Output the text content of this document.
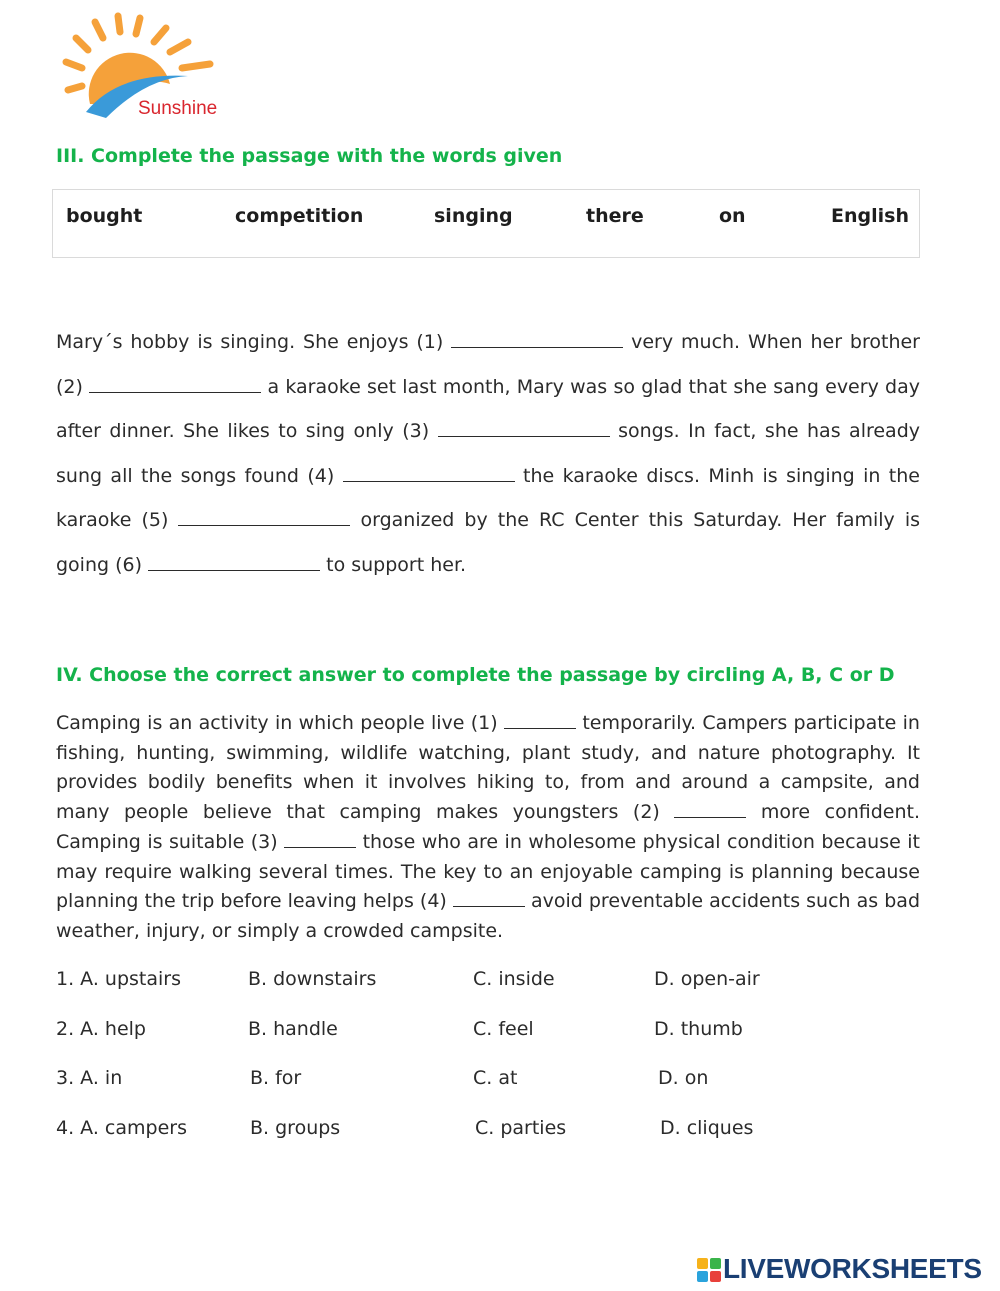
Sunshine
III. Complete the passage with the words given
bought	competition	singing	there	on	English

Mary´s hobby is singing. She enjoys (1)	very much. When her brother (2)	a karaoke set last month, Mary was so glad that she sang every day after dinner. She likes to sing only (3)	songs. In fact, she has already sung all the songs found (4)	the karaoke discs. Minh is singing in the karaoke (5)	organized by the RC Center this Saturday. Her family is going (6)	to support her.

IV. Choose the correct answer to complete the passage by circling A, B, C or D

Camping is an activity in which people live (1)	temporarily. Campers participate in fishing, hunting, swimming, wildlife watching, plant study, and nature photography. It provides bodily benefits when it involves hiking to, from and around a campsite, and many people believe that camping makes youngsters (2)	more confident. Camping is suitable (3)	those who are in wholesome physical condition because it may require walking several times. The key to an enjoyable camping is planning because planning the trip before leaving helps (4)	avoid preventable accidents such as bad weather, injury, or simply a crowded campsite.

1. A. upstairs	B. downstairs	C. inside	D. open-air
2. A. help	B. handle	C. feel	D. thumb
3. A. in	B. for	C. at	D. on
4. A. campers	B. groups	C. parties	D. cliques
LIVEWORKSHEETS
